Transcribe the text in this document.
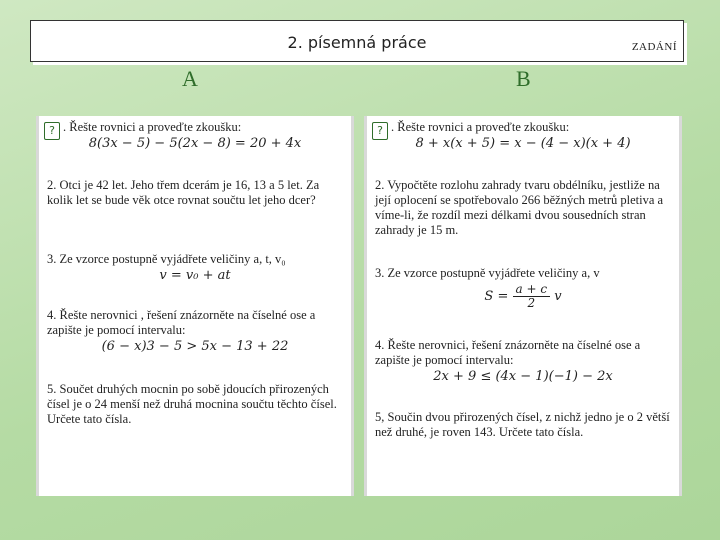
2. písemná práce	ZADÁNÍ
A	B

. Řešte rovnici a proveďte zkoušku:

8(3x − 5) − 5(2x − 8) = 20 + 4x

2. Otci je 42 let. Jeho třem dcerám je 16, 13 a 5 let. Za kolik let se bude věk otce rovnat součtu let jeho dcer?

3. Ze vzorce postupně vyjádřete veličiny a, t, v₀

v = v₀ + at

4. Řešte nerovnici , řešení znázorněte na číselné ose a zapište je pomocí intervalu:

(6 − x)3 − 5 > 5x − 13 + 22

5. Součet druhých mocnin po sobě jdoucích přirozených čísel je o 24 menší než druhá mocnina součtu těchto čísel. Určete tato čísla.

. Řešte rovnici a proveďte zkoušku:

8 + x(x + 5) = x − (4 − x)(x + 4)

2. Vypočtěte rozlohu zahrady tvaru obdélníku, jestliže na její oplocení se spotřebovalo 266 běžných metrů pletiva a víme-li, že rozdíl mezi délkami dvou sousedních stran zahrady je 15 m.

3. Ze vzorce postupně vyjádřete veličiny a, v

$S = \frac{a + c}{2}$ v

4. Řešte nerovnici, řešení znázorněte na číselné ose a zapište je pomocí intervalu:

2x + 9 ≤ (4x − 1)(−1) − 2x

5, Součin dvou přirozených čísel, z nichž jedno je o 2 větší než druhé, je roven 143. Určete tato čísla.

?	?
